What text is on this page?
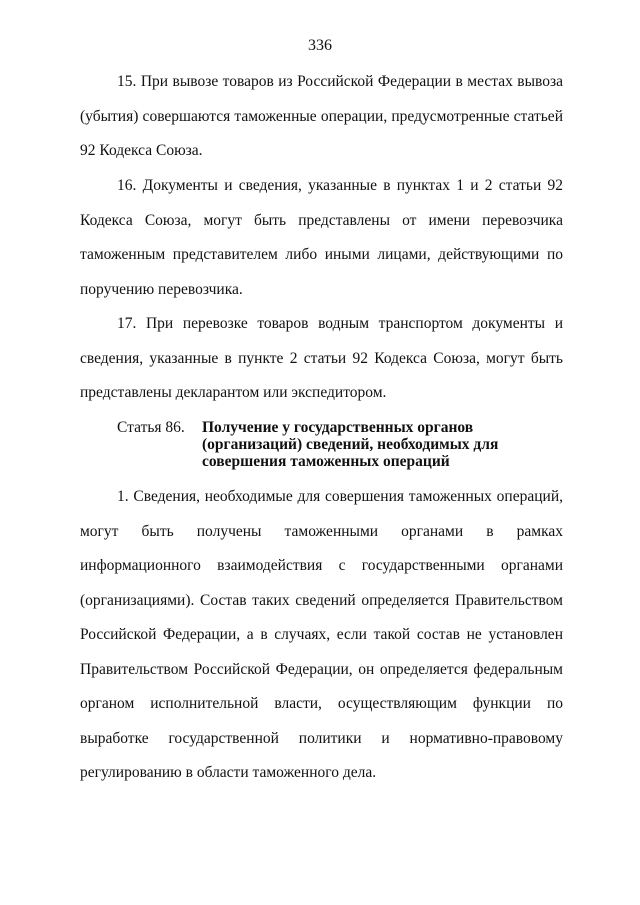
336

15. При вывозе товаров из Российской Федерации в местах вывоза (убытия) совершаются таможенные операции, предусмотренные статьей 92 Кодекса Союза.

16. Документы и сведения, указанные в пунктах 1 и 2 статьи 92 Кодекса Союза, могут быть представлены от имени перевозчика таможенным представителем либо иными лицами, действующими по поручению перевозчика.

17. При перевозке товаров водным транспортом документы и сведения, указанные в пункте 2 статьи 92 Кодекса Союза, могут быть представлены декларантом или экспедитором.

Статья 86.	Получение у государственных органов (организаций) сведений, необходимых для совершения таможенных операций

1. Сведения, необходимые для совершения таможенных операций, могут быть получены таможенными органами в рамках информационного взаимодействия с государственными органами (организациями). Состав таких сведений определяется Правительством Российской Федерации, а в случаях, если такой состав не установлен Правительством Российской Федерации, он определяется федеральным органом исполнительной власти, осуществляющим функции по выработке государственной политики и нормативно-правовому регулированию в области таможенного дела.
